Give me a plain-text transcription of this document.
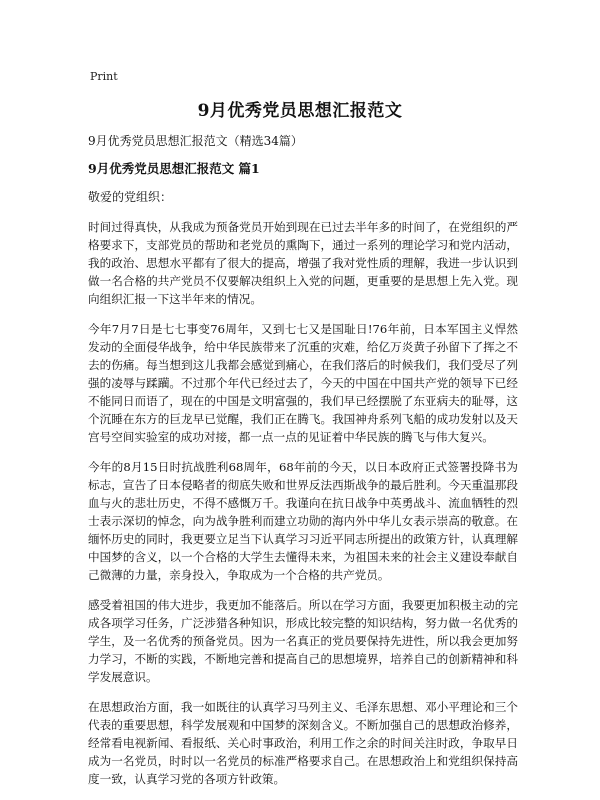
Print
9月优秀党员思想汇报范文

9月优秀党员思想汇报范文（精选34篇）

9月优秀党员思想汇报范文 篇1

敬爱的党组织：

时间过得真快，从我成为预备党员开始到现在已过去半年多的时间了，在党组织的严格要求下，支部党员的帮助和老党员的熏陶下，通过一系列的理论学习和党内活动，我的政治、思想水平都有了很大的提高，增强了我对党性质的理解，我进一步认识到做一名合格的共产党员不仅要解决组织上入党的问题，更重要的是思想上先入党。现向组织汇报一下这半年来的情况。

今年7月7日是七七事变76周年，又到七七又是国耻日!76年前，日本军国主义悍然发动的全面侵华战争，给中华民族带来了沉重的灾难，给亿万炎黄子孙留下了挥之不去的伤痛。每当想到这儿我都会感觉到痛心，在我们落后的时候我们，我们受尽了列强的凌辱与蹂躏。不过那个年代已经过去了，今天的中国在中国共产党的领导下已经不能同日而语了，现在的中国是文明富强的，我们早已经摆脱了东亚病夫的耻辱，这个沉睡在东方的巨龙早已觉醒，我们正在腾飞。我国神舟系列飞船的成功发射以及天宫号空间实验室的成功对接，都一点一点的见证着中华民族的腾飞与伟大复兴。

今年的8月15日时抗战胜利68周年，68年前的今天，以日本政府正式签署投降书为标志，宣告了日本侵略者的彻底失败和世界反法西斯战争的最后胜利。今天重温那段血与火的悲壮历史，不得不感慨万千。我谨向在抗日战争中英勇战斗、流血牺牲的烈士表示深切的悼念，向为战争胜利而建立功勋的海内外中华儿女表示崇高的敬意。在缅怀历史的同时，我更要立足当下认真学习习近平同志所提出的政策方针，认真理解中国梦的含义，以一个合格的大学生去懂得未来，为祖国未来的社会主义建设奉献自己微薄的力量，亲身投入，争取成为一个合格的共产党员。

感受着祖国的伟大进步，我更加不能落后。所以在学习方面，我要更加积极主动的完成各项学习任务，广泛涉猎各种知识，形成比较完整的知识结构，努力做一名优秀的学生，及一名优秀的预备党员。因为一名真正的党员要保持先进性，所以我会更加努力学习，不断的实践，不断地完善和提高自己的思想境界，培养自己的创新精神和科学发展意识。

在思想政治方面，我一如既往的认真学习马列主义、毛泽东思想、邓小平理论和三个代表的重要思想，科学发展观和中国梦的深刻含义。不断加强自己的思想政治修养，经常看电视新闻、看报纸、关心时事政治，利用工作之余的时间关注时政，争取早日成为一名党员，时时以一名党员的标准严格要求自己。在思想政治上和党组织保持高度一致，认真学习党的各项方针政策。
